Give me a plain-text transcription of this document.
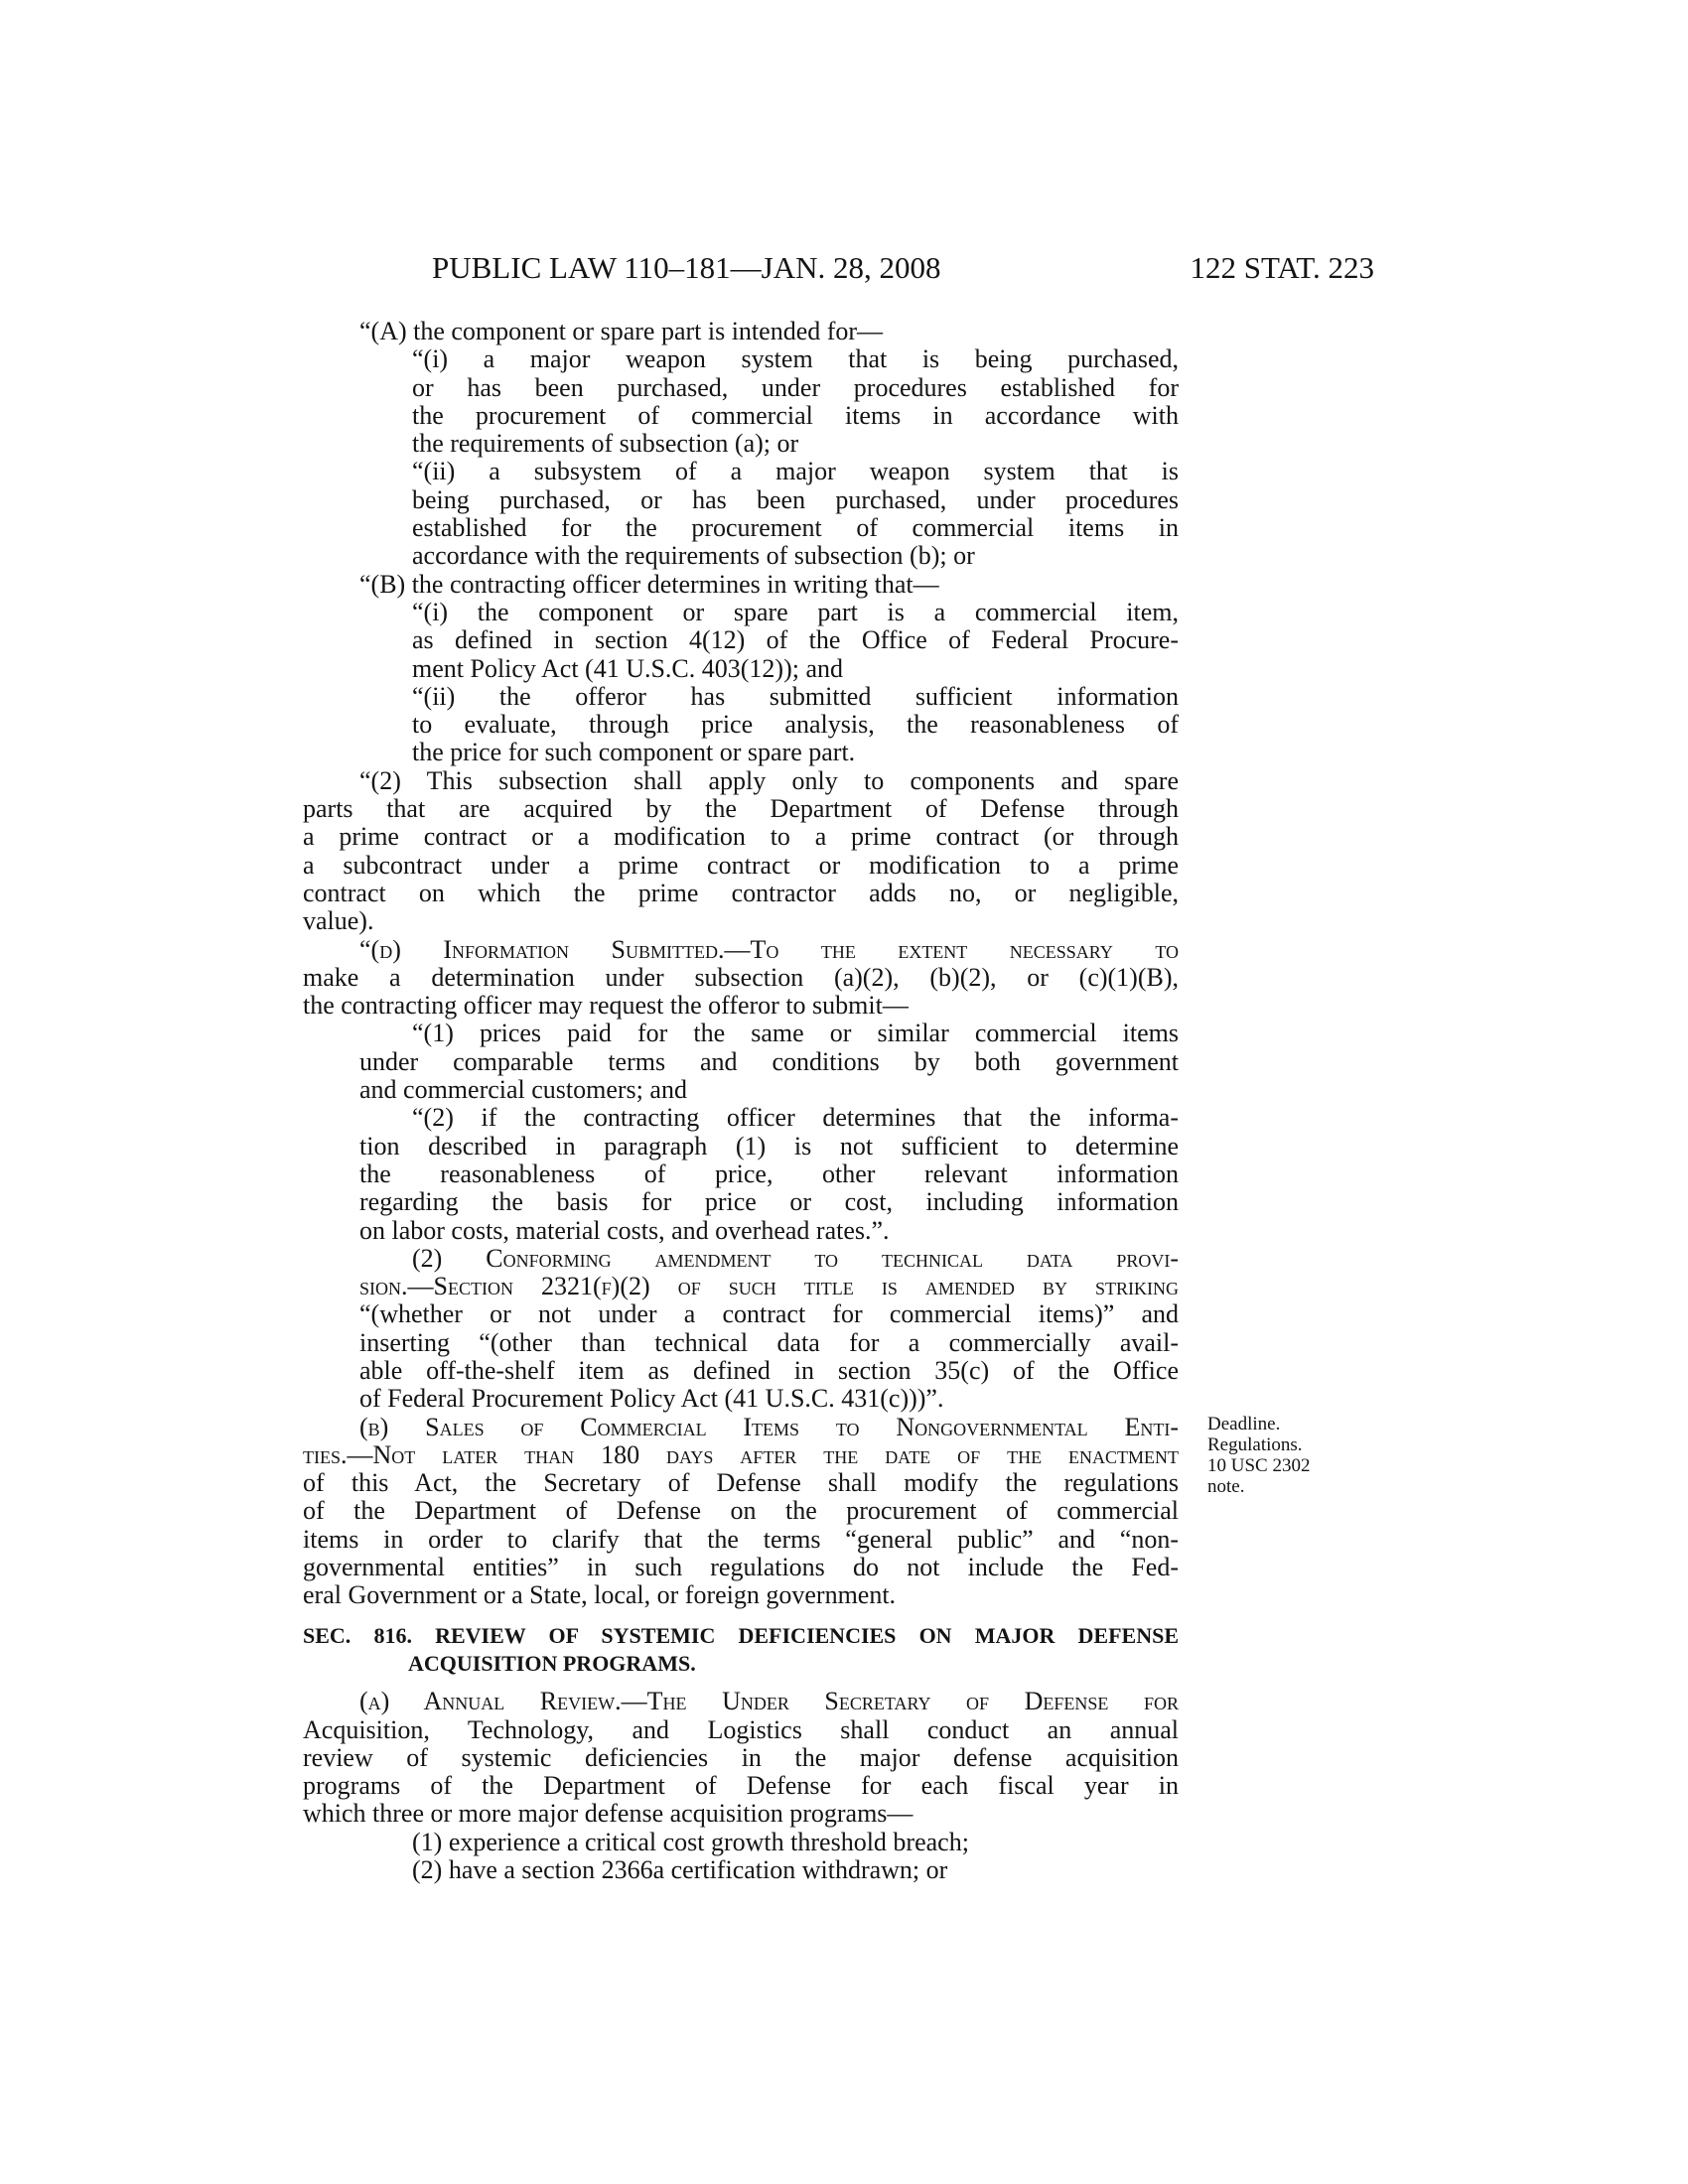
PUBLIC LAW 110–181—JAN. 28, 2008	122 STAT. 223
“(A) the component or spare part is intended for—
“(i) a major weapon system that is being purchased,
or has been purchased, under procedures established for
the procurement of commercial items in accordance with
the requirements of subsection (a); or
“(ii) a subsystem of a major weapon system that is
being purchased, or has been purchased, under procedures
established for the procurement of commercial items in
accordance with the requirements of subsection (b); or
“(B) the contracting officer determines in writing that—
“(i) the component or spare part is a commercial item,
as defined in section 4(12) of the Office of Federal Procure-
ment Policy Act (41 U.S.C. 403(12)); and
“(ii) the offeror has submitted sufficient information
to evaluate, through price analysis, the reasonableness of
the price for such component or spare part.
“(2) This subsection shall apply only to components and spare
parts that are acquired by the Department of Defense through
a prime contract or a modification to a prime contract (or through
a subcontract under a prime contract or modification to a prime
contract on which the prime contractor adds no, or negligible,
value).
“(d) Information Submitted.—To the extent necessary to
make a determination under subsection (a)(2), (b)(2), or (c)(1)(B),
the contracting officer may request the offeror to submit—
“(1) prices paid for the same or similar commercial items
under comparable terms and conditions by both government
and commercial customers; and
“(2) if the contracting officer determines that the informa-
tion described in paragraph (1) is not sufficient to determine
the reasonableness of price, other relevant information
regarding the basis for price or cost, including information
on labor costs, material costs, and overhead rates.”.
(2) Conforming amendment to technical data provi-
sion.—Section 2321(f)(2) of such title is amended by striking
“(whether or not under a contract for commercial items)” and
inserting “(other than technical data for a commercially avail-
able off-the-shelf item as defined in section 35(c) of the Office
of Federal Procurement Policy Act (41 U.S.C. 431(c)))”.
(b) Sales of Commercial Items to Nongovernmental Enti-
ties.—Not later than 180 days after the date of the enactment
of this Act, the Secretary of Defense shall modify the regulations
of the Department of Defense on the procurement of commercial
items in order to clarify that the terms “general public” and “non-
governmental entities” in such regulations do not include the Fed-
eral Government or a State, local, or foreign government.
SEC. 816. REVIEW OF SYSTEMIC DEFICIENCIES ON MAJOR DEFENSE
ACQUISITION PROGRAMS.
(a) Annual Review.—The Under Secretary of Defense for
Acquisition, Technology, and Logistics shall conduct an annual
review of systemic deficiencies in the major defense acquisition
programs of the Department of Defense for each fiscal year in
which three or more major defense acquisition programs—
(1) experience a critical cost growth threshold breach;
(2) have a section 2366a certification withdrawn; or
Deadline.
Regulations.
10 USC 2302
note.
